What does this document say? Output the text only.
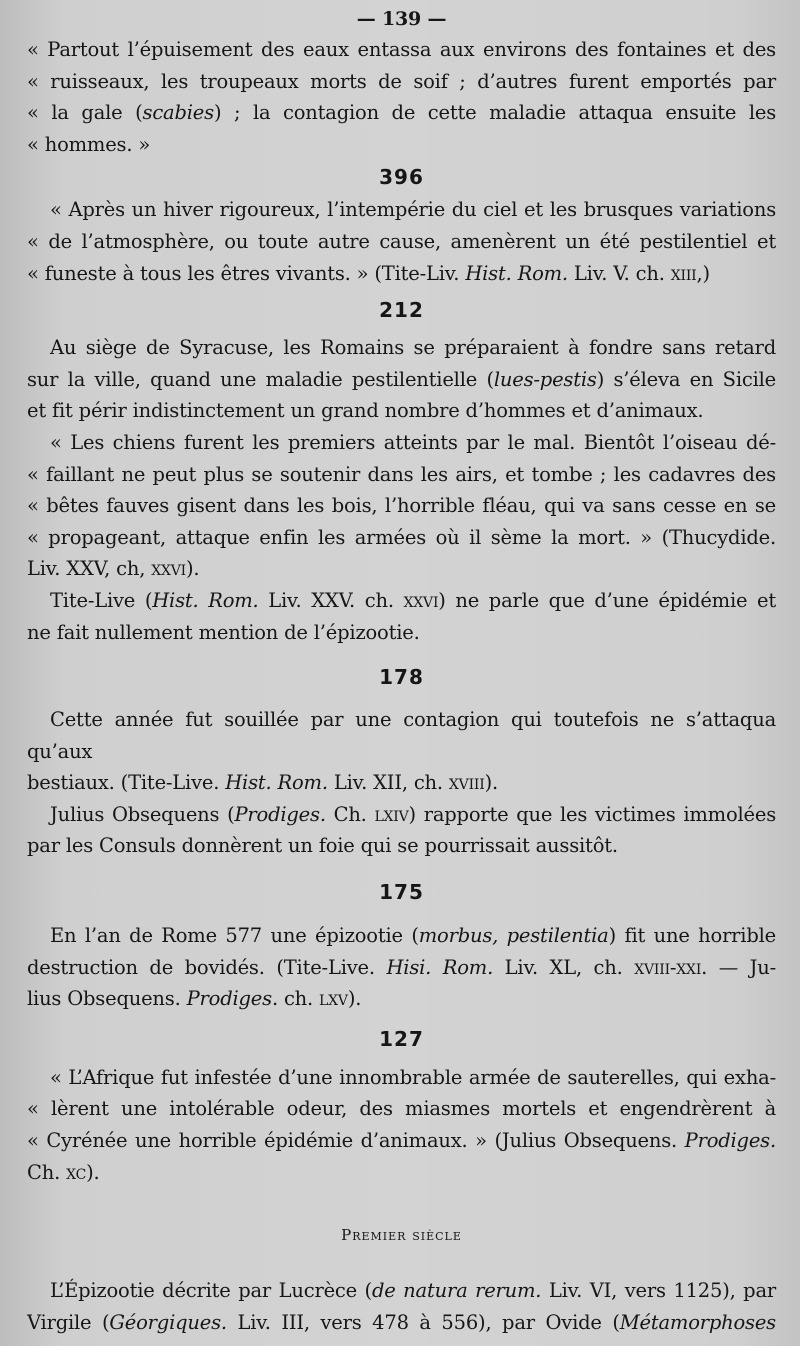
— 139 —

« Partout l’épuisement des eaux entassa aux environs des fontaines et des

« ruisseaux, les troupeaux morts de soif ; d’autres furent emportés par

« la gale (scabies) ; la contagion de cette maladie attaqua ensuite les

« hommes. »

396

« Après un hiver rigoureux, l’intempérie du ciel et les brusques variations

« de l’atmosphère, ou toute autre cause, amenèrent un été pestilentiel et

« funeste à tous les êtres vivants. » (Tite-Liv. Hist. Rom. Liv. V. ch. xiii,)

212

Au siège de Syracuse, les Romains se préparaient à fondre sans retard

sur la ville, quand une maladie pestilentielle (lues-pestis) s’éleva en Sicile

et fit périr indistinctement un grand nombre d’hommes et d’animaux.

« Les chiens furent les premiers atteints par le mal. Bientôt l’oiseau dé-

« faillant ne peut plus se soutenir dans les airs, et tombe ; les cadavres des

« bêtes fauves gisent dans les bois, l’horrible fléau, qui va sans cesse en se

« propageant, attaque enfin les armées où il sème la mort. » (Thucydide.

Liv. XXV, ch, xxvi).

Tite-Live (Hist. Rom. Liv. XXV. ch. xxvi) ne parle que d’une épidémie et

ne fait nullement mention de l’épizootie.

178

Cette année fut souillée par une contagion qui toutefois ne s’attaqua qu’aux

bestiaux. (Tite-Live. Hist. Rom. Liv. XII, ch. xviii).

Julius Obsequens (Prodiges. Ch. lxiv) rapporte que les victimes immolées

par les Consuls donnèrent un foie qui se pourrissait aussitôt.

175

En l’an de Rome 577 une épizootie (morbus, pestilentia) fit une horrible

destruction de bovidés. (Tite-Live. Hisi. Rom. Liv. XL, ch. xviii-xxi. — Ju-

lius Obsequens. Prodiges. ch. lxv).

127

« L’Afrique fut infestée d’une innombrable armée de sauterelles, qui exha-

« lèrent une intolérable odeur, des miasmes mortels et engendrèrent à

« Cyrénée une horrible épidémie d’animaux. » (Julius Obsequens. Prodiges.

Ch. xc).

Premier siècle

L’Épizootie décrite par Lucrèce (de natura rerum. Liv. VI, vers 1125), par

Virgile (Géorgiques. Liv. III, vers 478 à 556), par Ovide (Métamorphoses
